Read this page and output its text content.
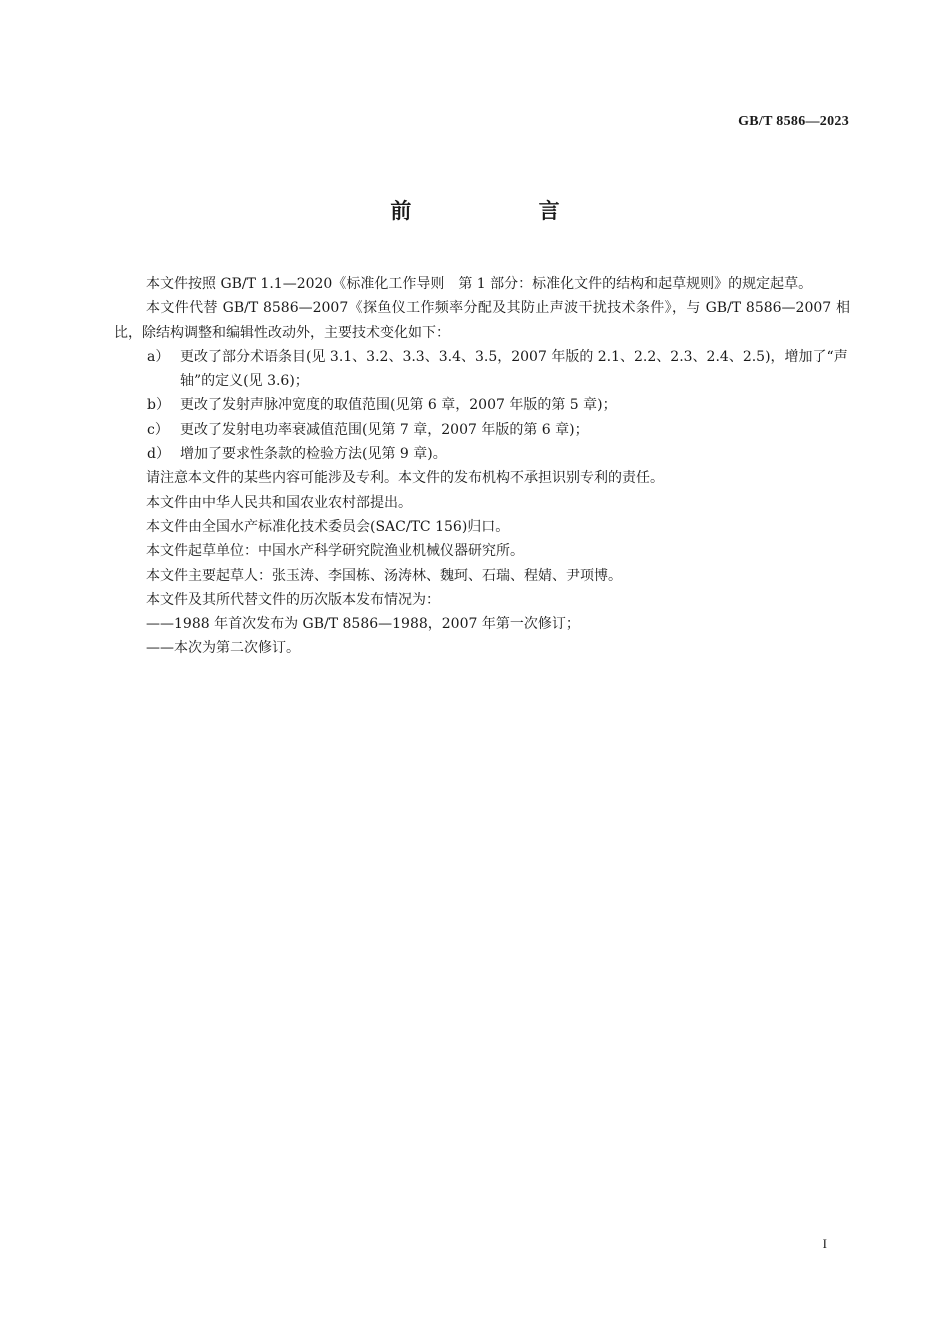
GB/T 8586—2023
前 言

本文件按照 GB/T 1.1—2020《标准化工作导则　第 1 部分：标准化文件的结构和起草规则》的规定起草。

本文件代替 GB/T 8586—2007《探鱼仪工作频率分配及其防止声波干扰技术条件》，与 GB/T 8586—2007 相比，除结构调整和编辑性改动外，主要技术变化如下：

a） 更改了部分术语条目(见 3.1、3.2、3.3、3.4、3.5，2007 年版的 2.1、2.2、2.3、2.4、2.5)，增加了“声轴”的定义(见 3.6)；

b） 更改了发射声脉冲宽度的取值范围(见第 6 章，2007 年版的第 5 章)；

c） 更改了发射电功率衰减值范围(见第 7 章，2007 年版的第 6 章)；

d） 增加了要求性条款的检验方法(见第 9 章)。

请注意本文件的某些内容可能涉及专利。本文件的发布机构不承担识别专利的责任。

本文件由中华人民共和国农业农村部提出。

本文件由全国水产标准化技术委员会(SAC/TC 156)归口。

本文件起草单位：中国水产科学研究院渔业机械仪器研究所。

本文件主要起草人：张玉涛、李国栋、汤涛林、魏珂、石瑞、程婧、尹项博。

本文件及其所代替文件的历次版本发布情况为：

——1988 年首次发布为 GB/T 8586—1988，2007 年第一次修订；

——本次为第二次修订。

I
